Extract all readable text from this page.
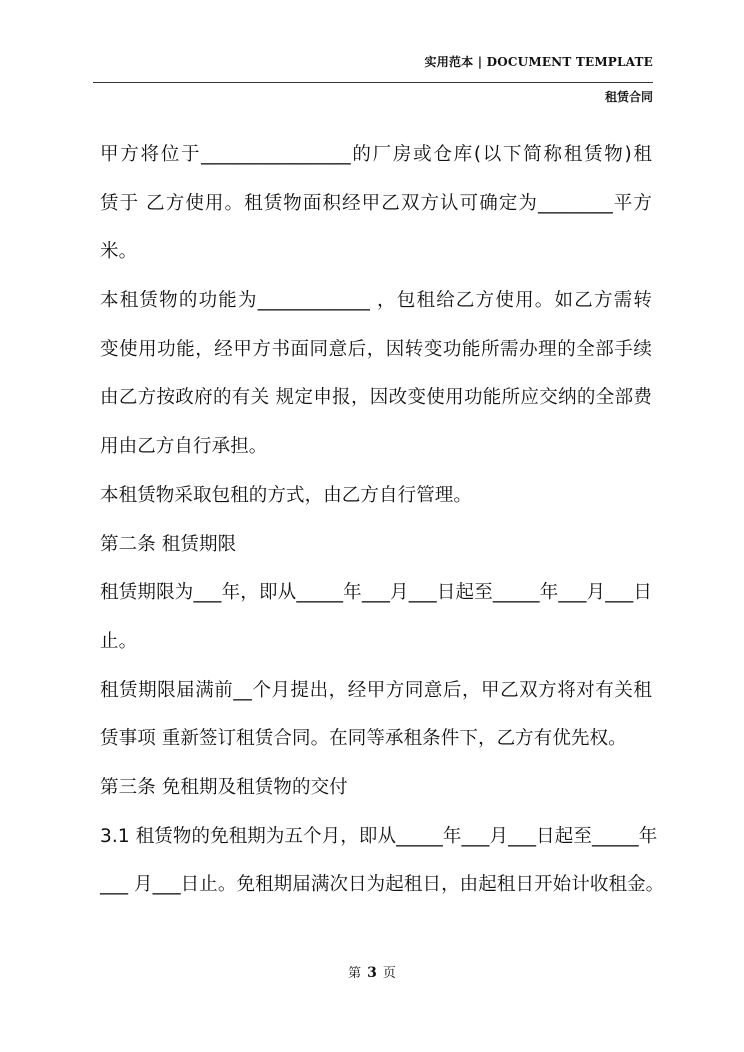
实用范本 | DOCUMENT TEMPLATE
租赁合同
甲方将位于________________的厂房或仓库(以下简称租赁物)租
赁于 乙方使用。租赁物面积经甲乙双方认可确定为________平方
米。
本租赁物的功能为____________ ，包租给乙方使用。如乙方需转
变使用功能，经甲方书面同意后，因转变功能所需办理的全部手续
由乙方按政府的有关 规定申报，因改变使用功能所应交纳的全部费
用由乙方自行承担。
本租赁物采取包租的方式，由乙方自行管理。
第二条 租赁期限
租赁期限为___年，即从_____年___月___日起至_____年___月___日
止。
租赁期限届满前__个月提出，经甲方同意后，甲乙双方将对有关租
赁事项 重新签订租赁合同。在同等承租条件下，乙方有优先权。
第三条 免租期及租赁物的交付
3.1 租赁物的免租期为五个月，即从_____年___月___日起至_____年
___ 月___日止。免租期届满次日为起租日，由起租日开始计收租金。
第 3 页
